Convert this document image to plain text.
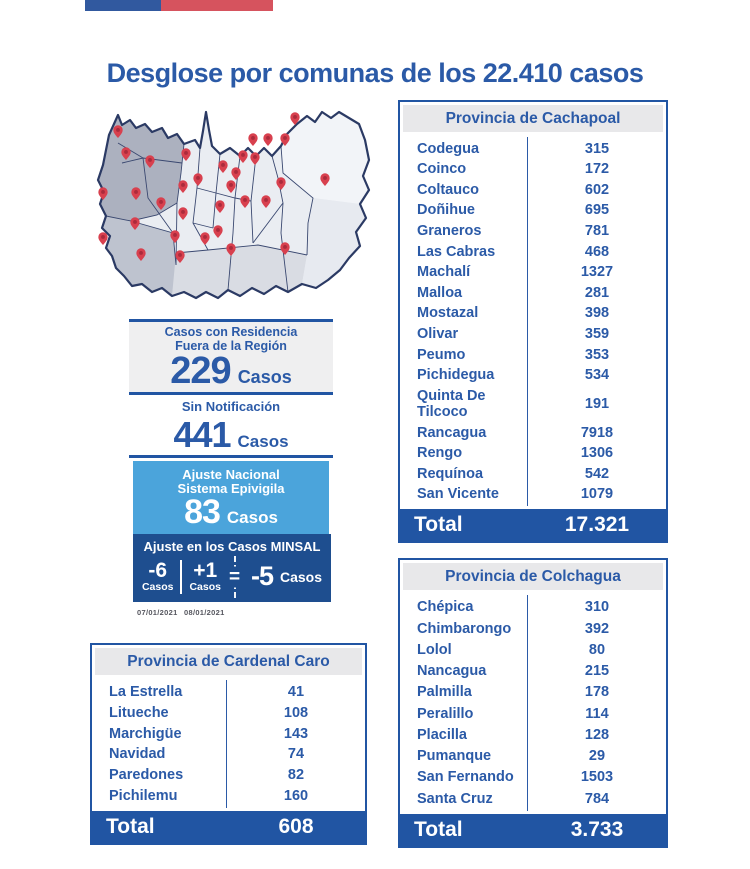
Desglose por comunas de los 22.410 casos
Casos con Residencia
Fuera de la Región
229 Casos
Sin Notificación
441 Casos
Ajuste Nacional
Sistema Epivigila
83 Casos
Ajuste en los Casos MINSAL
-6
Casos
+1
Casos
= -5 Casos
07/01/2021 08/01/2021
Provincia de Cachapoal
Codegua	315
Coinco	172
Coltauco	602
Doñihue	695
Graneros	781
Las Cabras	468
Machalí	1327
Malloa	281
Mostazal	398
Olivar	359
Peumo	353
Pichidegua	534
Quinta De Tilcoco	191
Rancagua	7918
Rengo	1306
Requínoa	542
San Vicente	1079
Total	17.321
Provincia de Colchagua
Chépica	310
Chimbarongo	392
Lolol	80
Nancagua	215
Palmilla	178
Peralillo	114
Placilla	128
Pumanque	29
San Fernando	1503
Santa Cruz	784
Total	3.733
Provincia de Cardenal Caro
La Estrella	41
Litueche	108
Marchigüe	143
Navidad	74
Paredones	82
Pichilemu	160
Total	608
